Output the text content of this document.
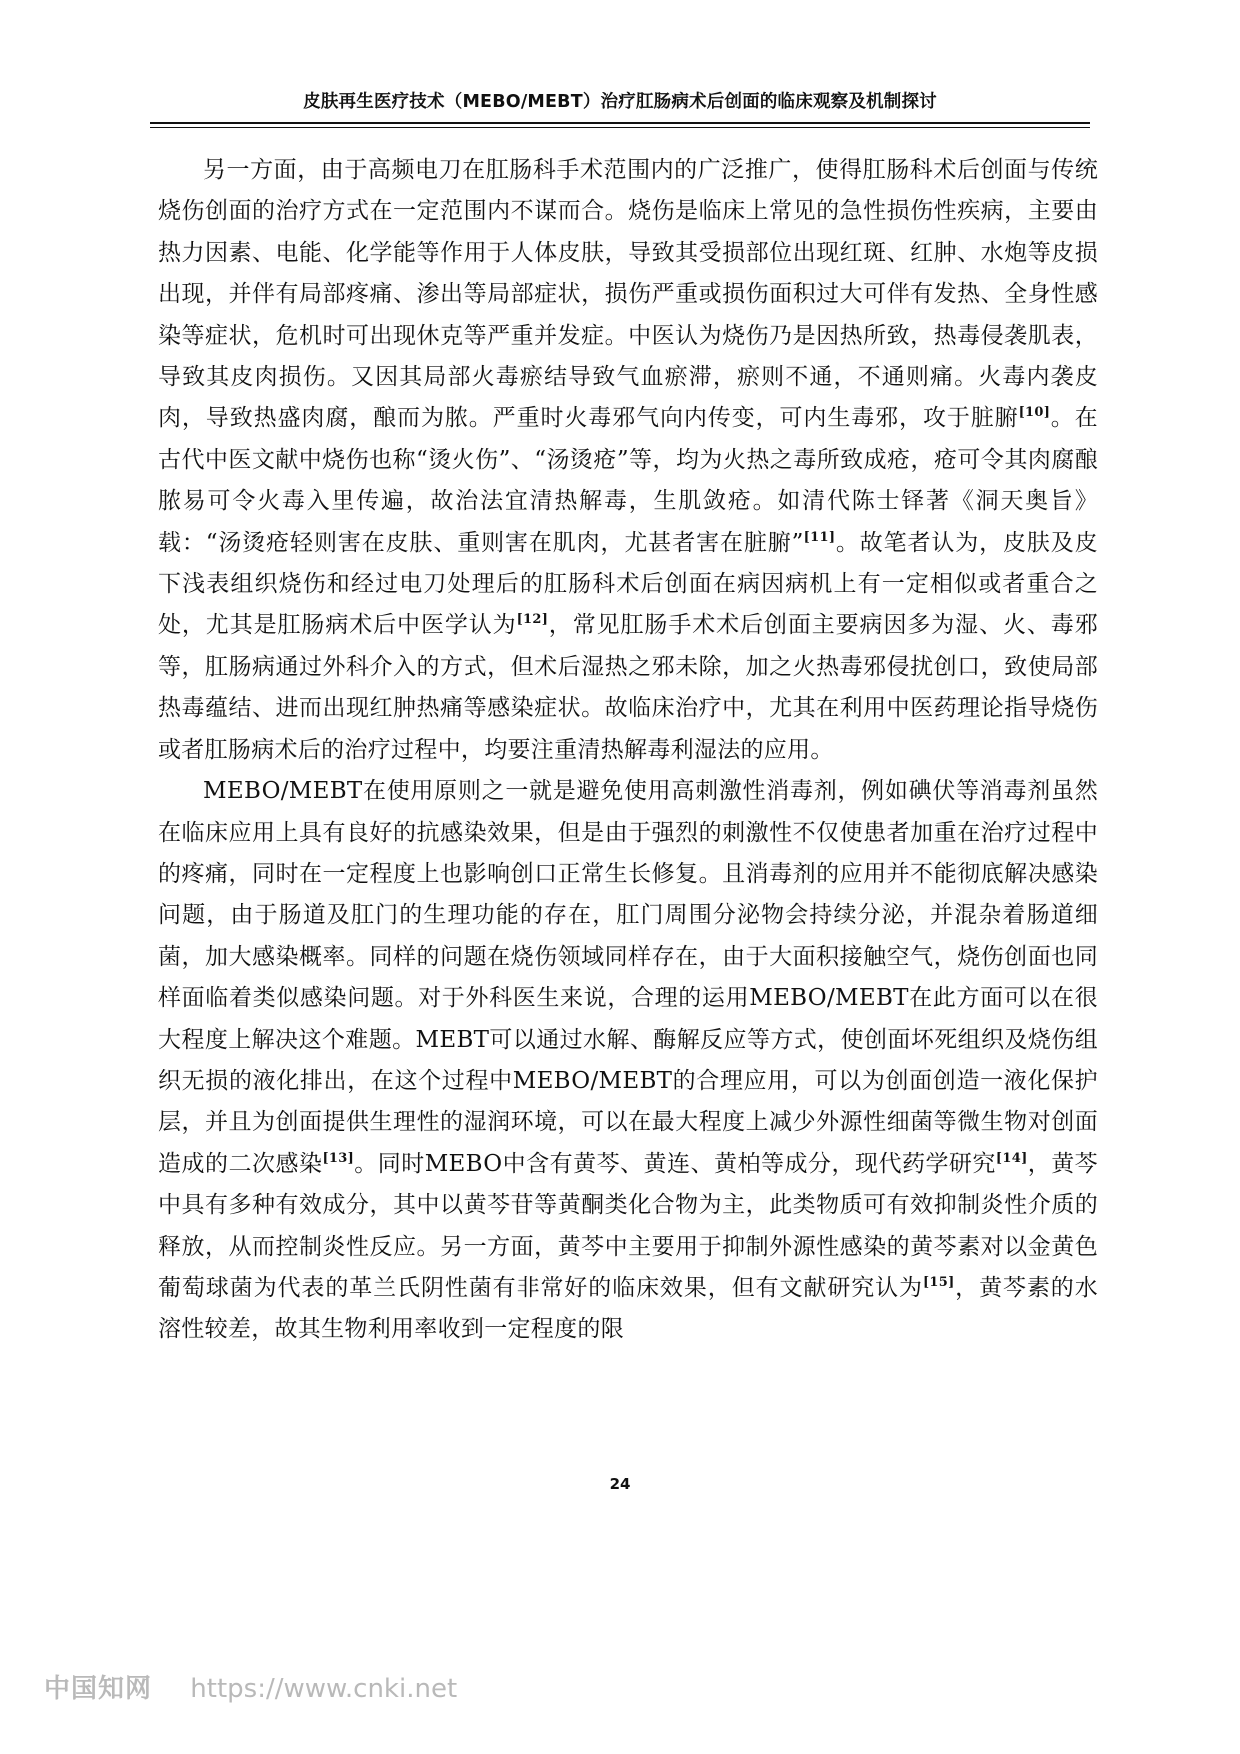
皮肤再生医疗技术（MEBO/MEBT）治疗肛肠病术后创面的临床观察及机制探讨

另一方面，由于高频电刀在肛肠科手术范围内的广泛推广，使得肛肠科术后创面与传统烧伤创面的治疗方式在一定范围内不谋而合。烧伤是临床上常见的急性损伤性疾病，主要由热力因素、电能、化学能等作用于人体皮肤，导致其受损部位出现红斑、红肿、水炮等皮损出现，并伴有局部疼痛、渗出等局部症状，损伤严重或损伤面积过大可伴有发热、全身性感染等症状，危机时可出现休克等严重并发症。中医认为烧伤乃是因热所致，热毒侵袭肌表，导致其皮肉损伤。又因其局部火毒瘀结导致气血瘀滞，瘀则不通，不通则痛。火毒内袭皮肉，导致热盛肉腐，酿而为脓。严重时火毒邪气向内传变，可内生毒邪，攻于脏腑[10]。在古代中医文献中烧伤也称“烫火伤”、“汤烫疮”等，均为火热之毒所致成疮，疮可令其肉腐酿脓易可令火毒入里传遍，故治法宜清热解毒，生肌敛疮。如清代陈士铎著《洞天奥旨》载：“汤烫疮轻则害在皮肤、重则害在肌肉，尤甚者害在脏腑”[11]。故笔者认为，皮肤及皮下浅表组织烧伤和经过电刀处理后的肛肠科术后创面在病因病机上有一定相似或者重合之处，尤其是肛肠病术后中医学认为[12]，常见肛肠手术术后创面主要病因多为湿、火、毒邪等，肛肠病通过外科介入的方式，但术后湿热之邪未除，加之火热毒邪侵扰创口，致使局部热毒蕴结、进而出现红肿热痛等感染症状。故临床治疗中，尤其在利用中医药理论指导烧伤或者肛肠病术后的治疗过程中，均要注重清热解毒利湿法的应用。

MEBO/MEBT在使用原则之一就是避免使用高刺激性消毒剂，例如碘伏等消毒剂虽然在临床应用上具有良好的抗感染效果，但是由于强烈的刺激性不仅使患者加重在治疗过程中的疼痛，同时在一定程度上也影响创口正常生长修复。且消毒剂的应用并不能彻底解决感染问题，由于肠道及肛门的生理功能的存在，肛门周围分泌物会持续分泌，并混杂着肠道细菌，加大感染概率。同样的问题在烧伤领域同样存在，由于大面积接触空气，烧伤创面也同样面临着类似感染问题。对于外科医生来说，合理的运用MEBO/MEBT在此方面可以在很大程度上解决这个难题。MEBT可以通过水解、酶解反应等方式，使创面坏死组织及烧伤组织无损的液化排出，在这个过程中MEBO/MEBT的合理应用，可以为创面创造一液化保护层，并且为创面提供生理性的湿润环境，可以在最大程度上减少外源性细菌等微生物对创面造成的二次感染[13]。同时MEBO中含有黄芩、黄连、黄柏等成分，现代药学研究[14]，黄芩中具有多种有效成分，其中以黄芩苷等黄酮类化合物为主，此类物质可有效抑制炎性介质的释放，从而控制炎性反应。另一方面，黄芩中主要用于抑制外源性感染的黄芩素对以金黄色葡萄球菌为代表的革兰氏阴性菌有非常好的临床效果，但有文献研究认为[15]，黄芩素的水溶性较差，故其生物利用率收到一定程度的限

24
中国知网 https://www.cnki.net
